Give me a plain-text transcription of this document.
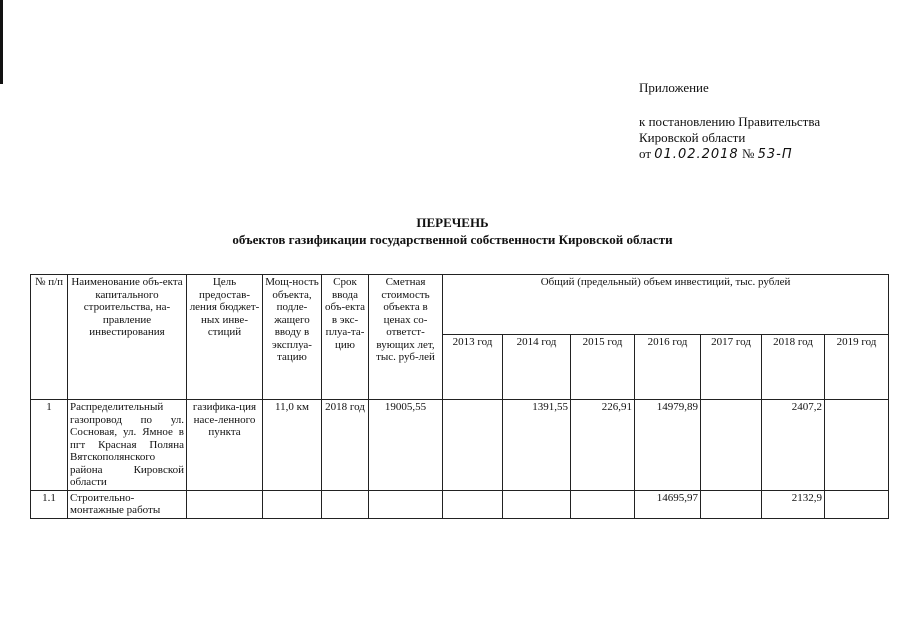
Приложение
к постановлению Правительства
Кировской области
от 01.02.2018 № 53-П
ПЕРЕЧЕНЬ
объектов газификации государственной собственности Кировской области
№ п/п	Наименование объ-екта капитального строительства, на-правление инвестирования	Цель предостав-ления бюджет-ных инве-стиций	Мощ-ность объекта, подле-жащего вводу в эксплуа-тацию	Срок ввода объ-екта в экс-плуа-та-цию	Сметная стоимость объекта в ценах со-ответст-вующих лет, тыс. руб-лей	Общий (предельный) объем инвестиций, тыс. рублей						
						2013 год	2014 год	2015 год	2016 год	2017 год	2018 год	2019 год
1	Распределительный газопровод по ул. Сосновая, ул. Ямное в пгт Красная Поляна Вятскополянского района Кировской области	газифика-ция насе-ленного пункта	11,0 км	2018 год	19005,55		1391,55	226,91	14979,89		2407,2	
1.1	Строительно-монтажные работы								14695,97		2132,9	
